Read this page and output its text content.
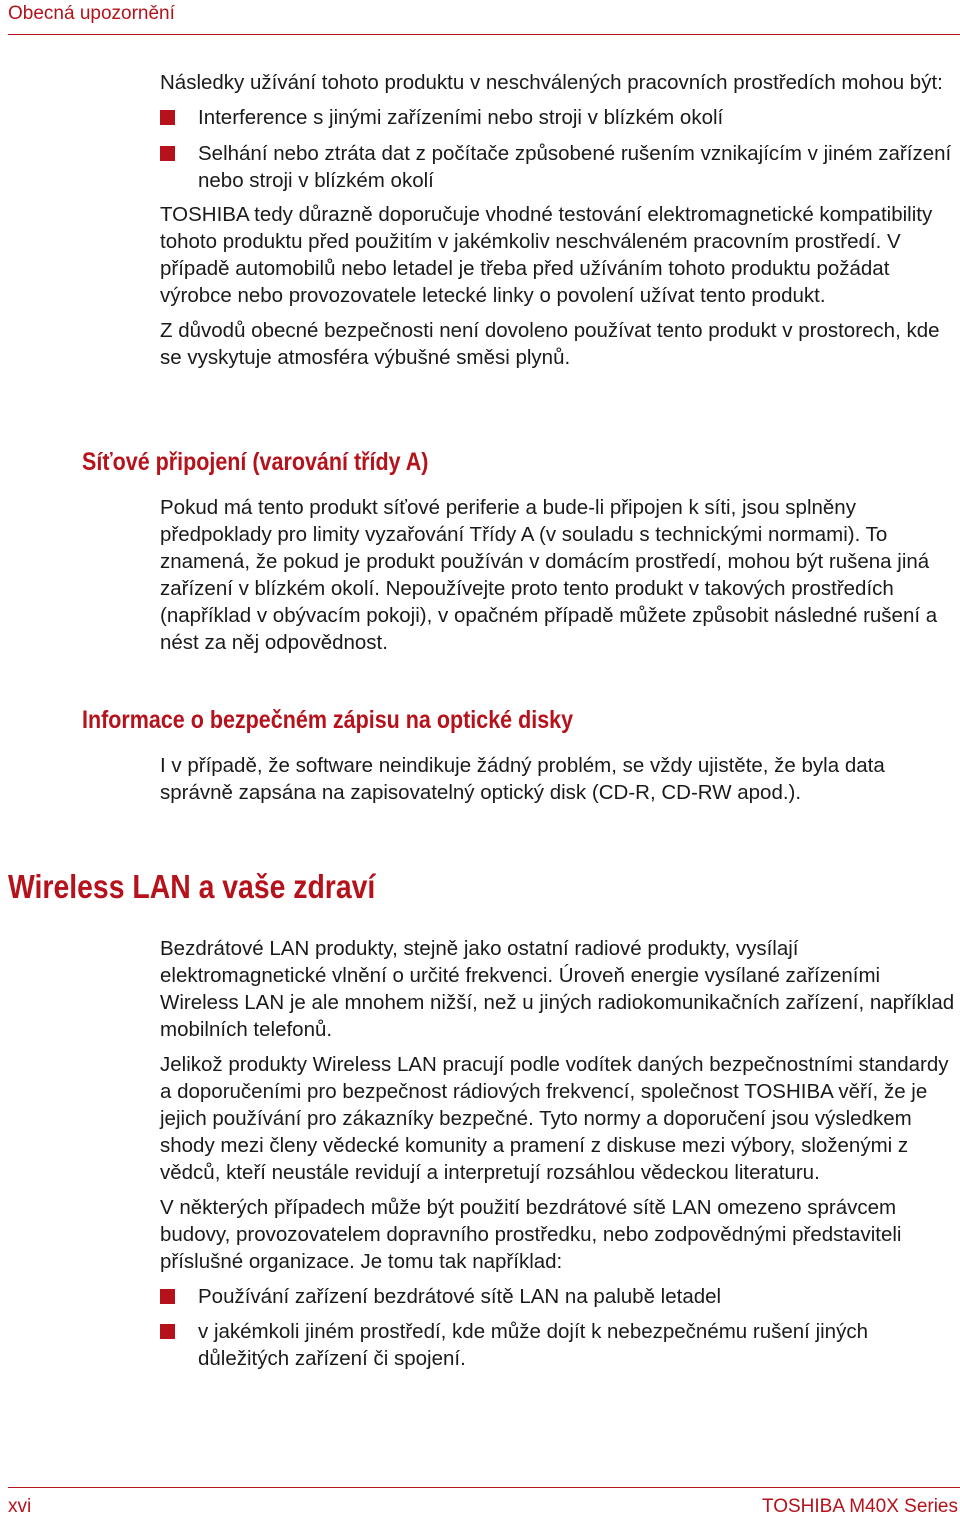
Obecná upozornění

Následky užívání tohoto produktu v neschválených pracovních prostředích mohou být:

Interference s jinými zařízeními nebo stroji v blízkém okolí
Selhání nebo ztráta dat z počítače způsobené rušením vznikajícím v jiném zařízení nebo stroji v blízkém okolí

TOSHIBA tedy důrazně doporučuje vhodné testování elektromagnetické kompatibility tohoto produktu před použitím v jakémkoliv neschváleném pracovním prostředí. V případě automobilů nebo letadel je třeba před užíváním tohoto produktu požádat výrobce nebo provozovatele letecké linky o povolení užívat tento produkt.

Z důvodů obecné bezpečnosti není dovoleno používat tento produkt v prostorech, kde se vyskytuje atmosféra výbušné směsi plynů.

Síťové připojení (varování třídy A)

Pokud má tento produkt síťové periferie a bude-li připojen k síti, jsou splněny předpoklady pro limity vyzařování Třídy A (v souladu s technickými normami). To znamená, že pokud je produkt používán v domácím prostředí, mohou být rušena jiná zařízení v blízkém okolí. Nepoužívejte proto tento produkt v takových prostředích (například v obývacím pokoji), v opačném případě můžete způsobit následné rušení a nést za něj odpovědnost.

Informace o bezpečném zápisu na optické disky

I v případě, že software neindikuje žádný problém, se vždy ujistěte, že byla data správně zapsána na zapisovatelný optický disk (CD-R, CD-RW apod.).

Wireless LAN a vaše zdraví

Bezdrátové LAN produkty, stejně jako ostatní radiové produkty, vysílají elektromagnetické vlnění o určité frekvenci. Úroveň energie vysílané zařízeními Wireless LAN je ale mnohem nižší, než u jiných radiokomunikačních zařízení, například mobilních telefonů.

Jelikož produkty Wireless LAN pracují podle vodítek daných bezpečnostními standardy a doporučeními pro bezpečnost rádiových frekvencí, společnost TOSHIBA věří, že je jejich používání pro zákazníky bezpečné. Tyto normy a doporučení jsou výsledkem shody mezi členy vědecké komunity a pramení z diskuse mezi výbory, složenými z vědců, kteří neustále revidují a interpretují rozsáhlou vědeckou literaturu.

V některých případech může být použití bezdrátové sítě LAN omezeno správcem budovy, provozovatelem dopravního prostředku, nebo zodpovědnými představiteli příslušné organizace. Je tomu tak například:

Používání zařízení bezdrátové sítě LAN na palubě letadel
v jakémkoli jiném prostředí, kde může dojít k nebezpečnému rušení jiných důležitých zařízení či spojení.
xvi	TOSHIBA M40X Series
